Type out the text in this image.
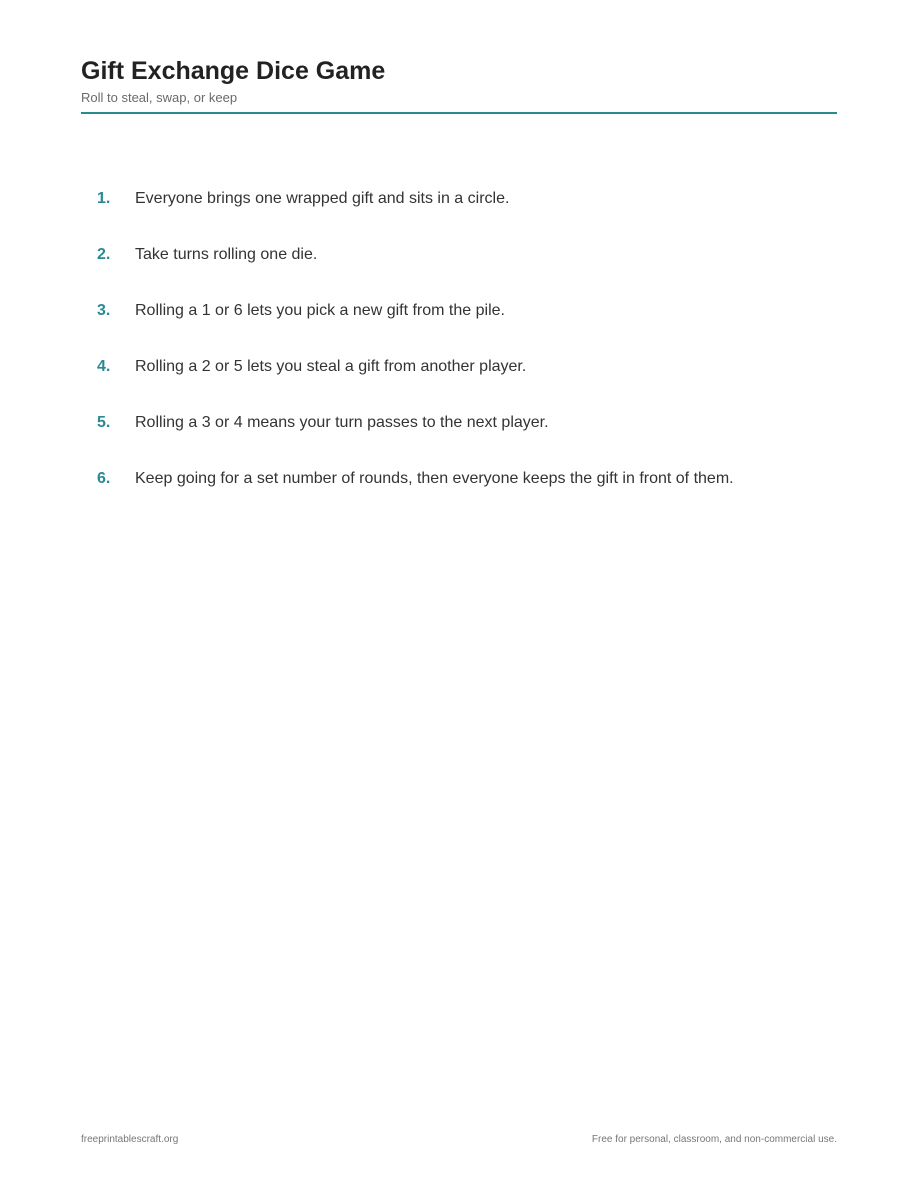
Gift Exchange Dice Game

Roll to steal, swap, or keep

1.	Everyone brings one wrapped gift and sits in a circle.
2.	Take turns rolling one die.
3.	Rolling a 1 or 6 lets you pick a new gift from the pile.
4.	Rolling a 2 or 5 lets you steal a gift from another player.
5.	Rolling a 3 or 4 means your turn passes to the next player.
6.	Keep going for a set number of rounds, then everyone keeps the gift in front of them.
freeprintablescraft.org	Free for personal, classroom, and non-commercial use.
